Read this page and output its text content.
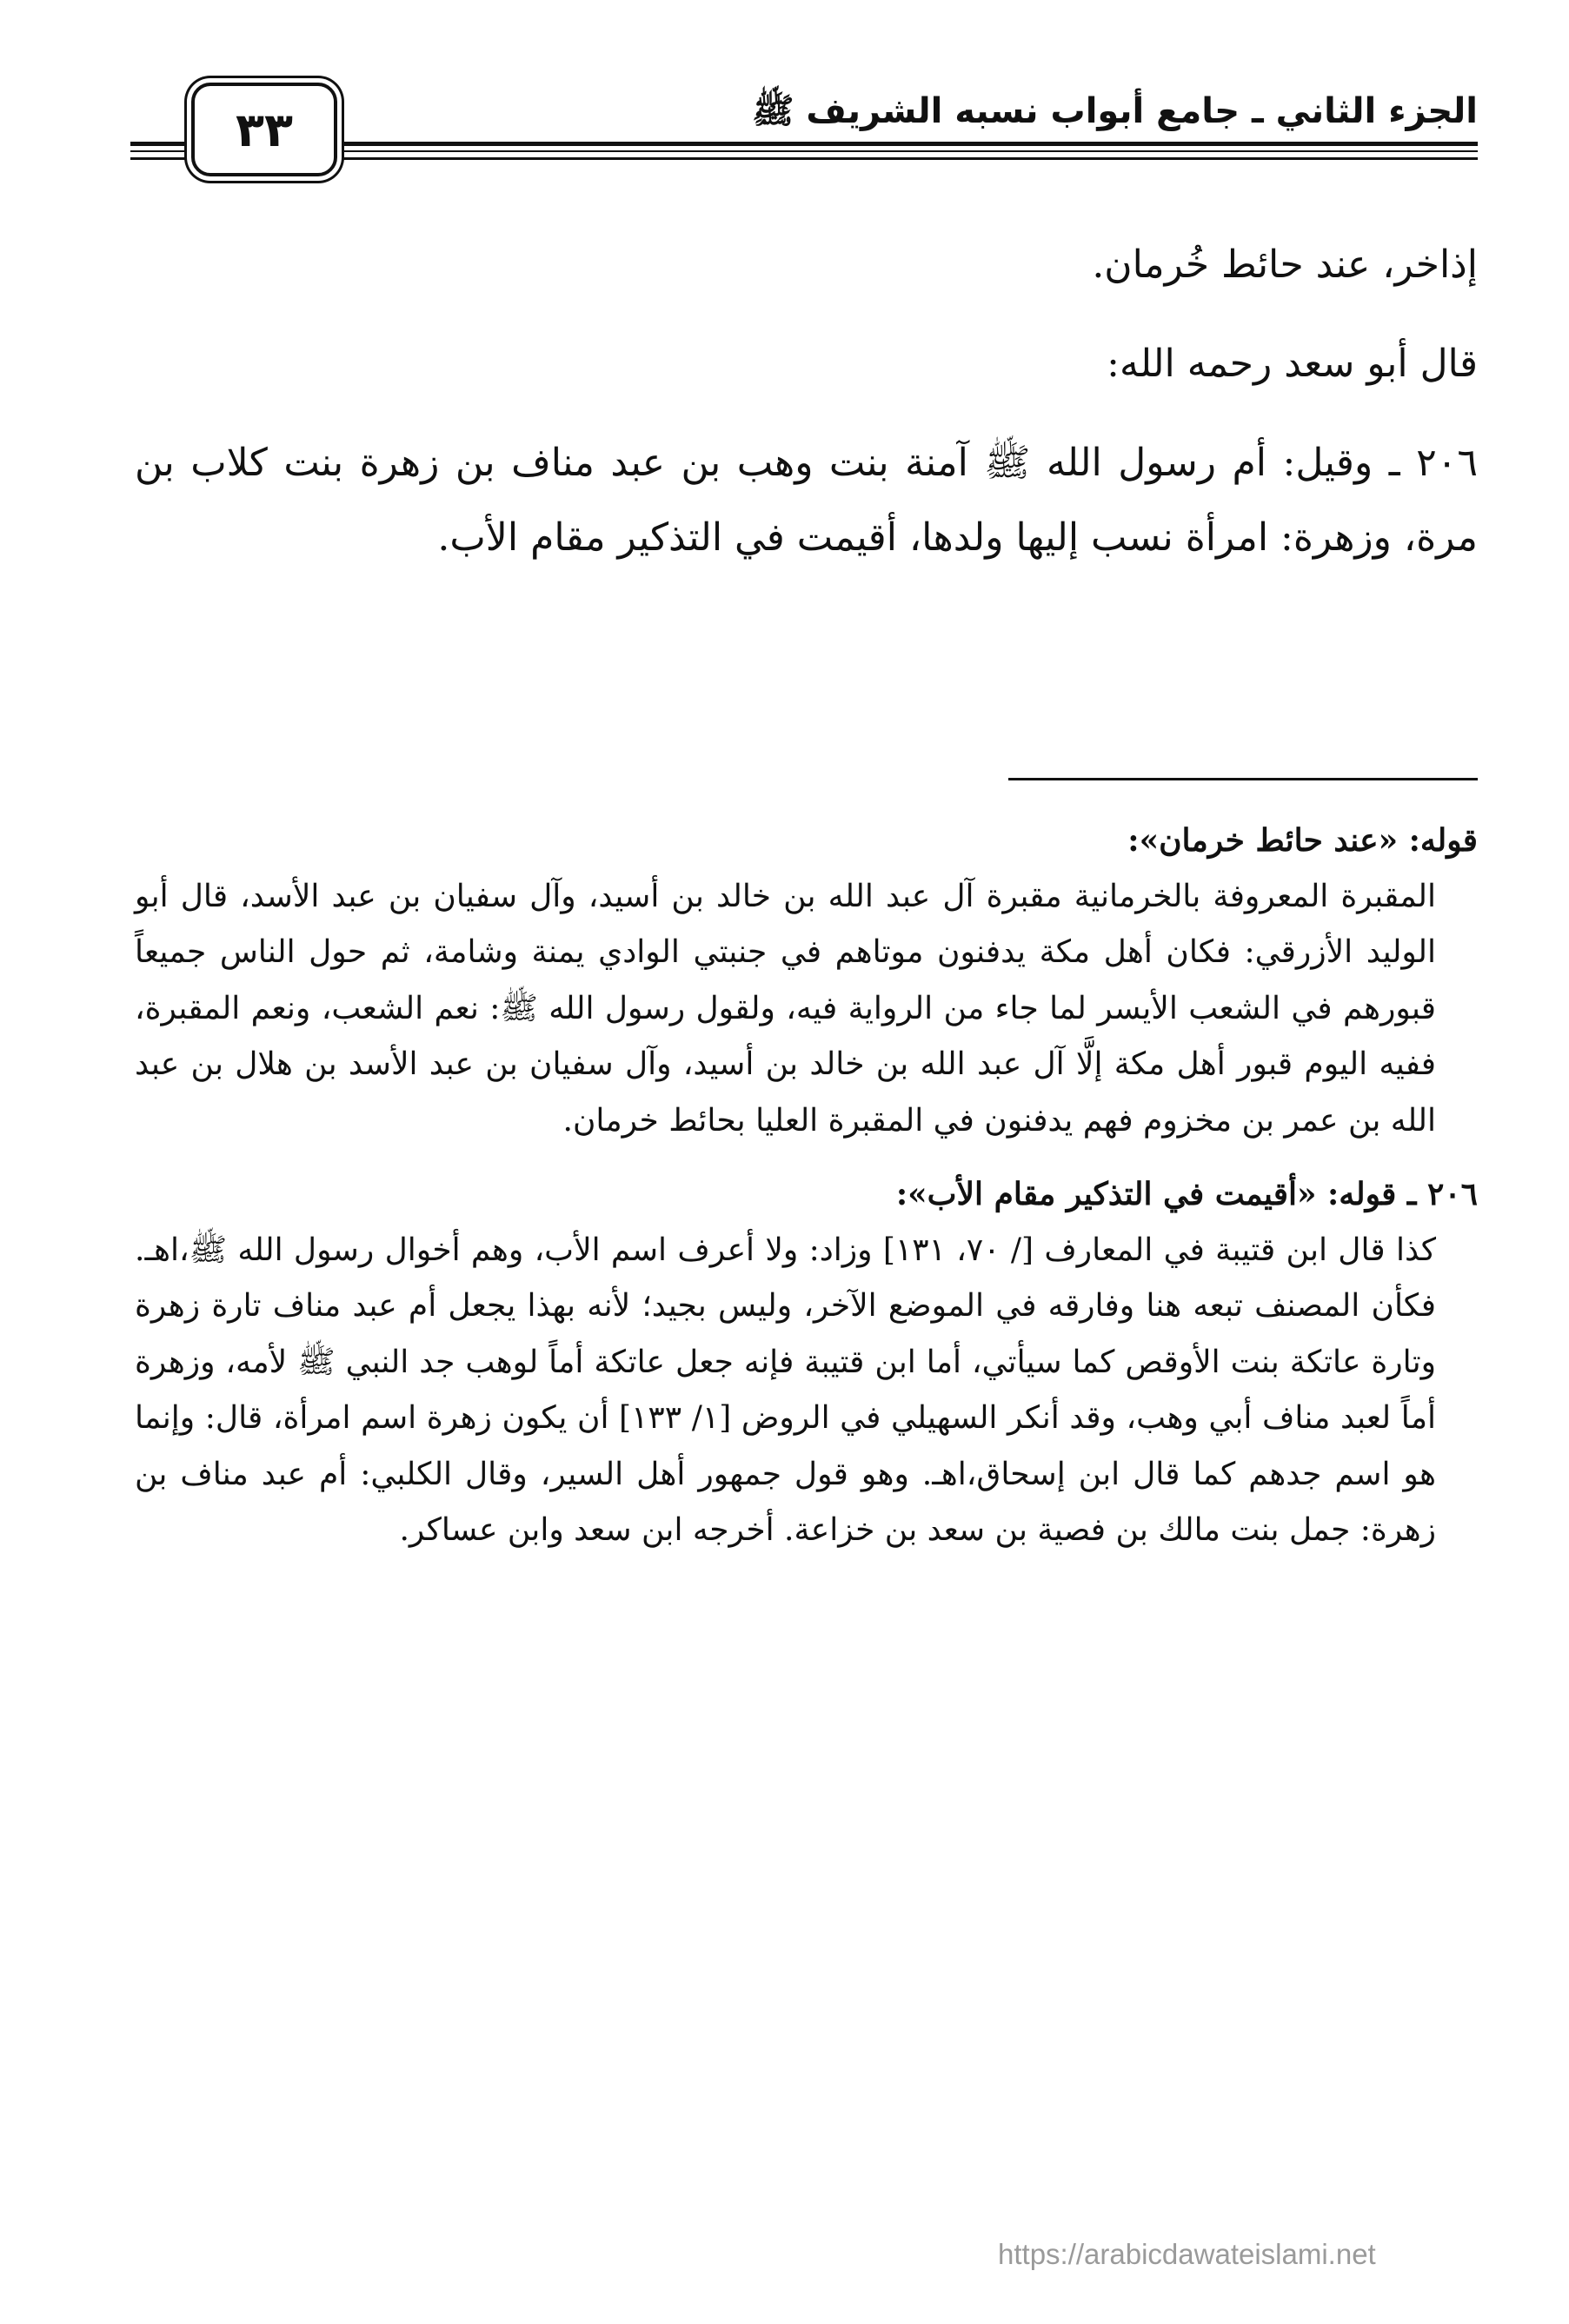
الجزء الثاني ـ جامع أبواب نسبه الشريف ﷺ
٣٣

إذاخر، عند حائط خُرمان.

قال أبو سعد رحمه الله:

٢٠٦ ـ وقيل: أم رسول الله ﷺ آمنة بنت وهب بن عبد مناف بن زهرة بنت كلاب بن مرة، وزهرة: امرأة نسب إليها ولدها، أقيمت في التذكير مقام الأب.

قوله: «عند حائط خرمان»:

المقبرة المعروفة بالخرمانية مقبرة آل عبد الله بن خالد بن أسيد، وآل سفيان بن عبد الأسد، قال أبو الوليد الأزرقي: فكان أهل مكة يدفنون موتاهم في جنبتي الوادي يمنة وشامة، ثم حول الناس جميعاً قبورهم في الشعب الأيسر لما جاء من الرواية فيه، ولقول رسول الله ﷺ: نعم الشعب، ونعم المقبرة، ففيه اليوم قبور أهل مكة إلَّا آل عبد الله بن خالد بن أسيد، وآل سفيان بن عبد الأسد بن هلال بن عبد الله بن عمر بن مخزوم فهم يدفنون في المقبرة العليا بحائط خرمان.

٢٠٦ ـ قوله: «أقيمت في التذكير مقام الأب»:

كذا قال ابن قتيبة في المعارف [/ ٧٠، ١٣١] وزاد: ولا أعرف اسم الأب، وهم أخوال رسول الله ﷺ،اهـ. فكأن المصنف تبعه هنا وفارقه في الموضع الآخر، وليس بجيد؛ لأنه بهذا يجعل أم عبد مناف تارة زهرة وتارة عاتكة بنت الأوقص كما سيأتي، أما ابن قتيبة فإنه جعل عاتكة أماً لوهب جد النبي ﷺ لأمه، وزهرة أماً لعبد مناف أبي وهب، وقد أنكر السهيلي في الروض [١/ ١٣٣] أن يكون زهرة اسم امرأة، قال: وإنما هو اسم جدهم كما قال ابن إسحاق،اهـ. وهو قول جمهور أهل السير، وقال الكلبي: أم عبد مناف بن زهرة: جمل بنت مالك بن فصية بن سعد بن خزاعة. أخرجه ابن سعد وابن عساكر.

https://arabicdawateislami.net
